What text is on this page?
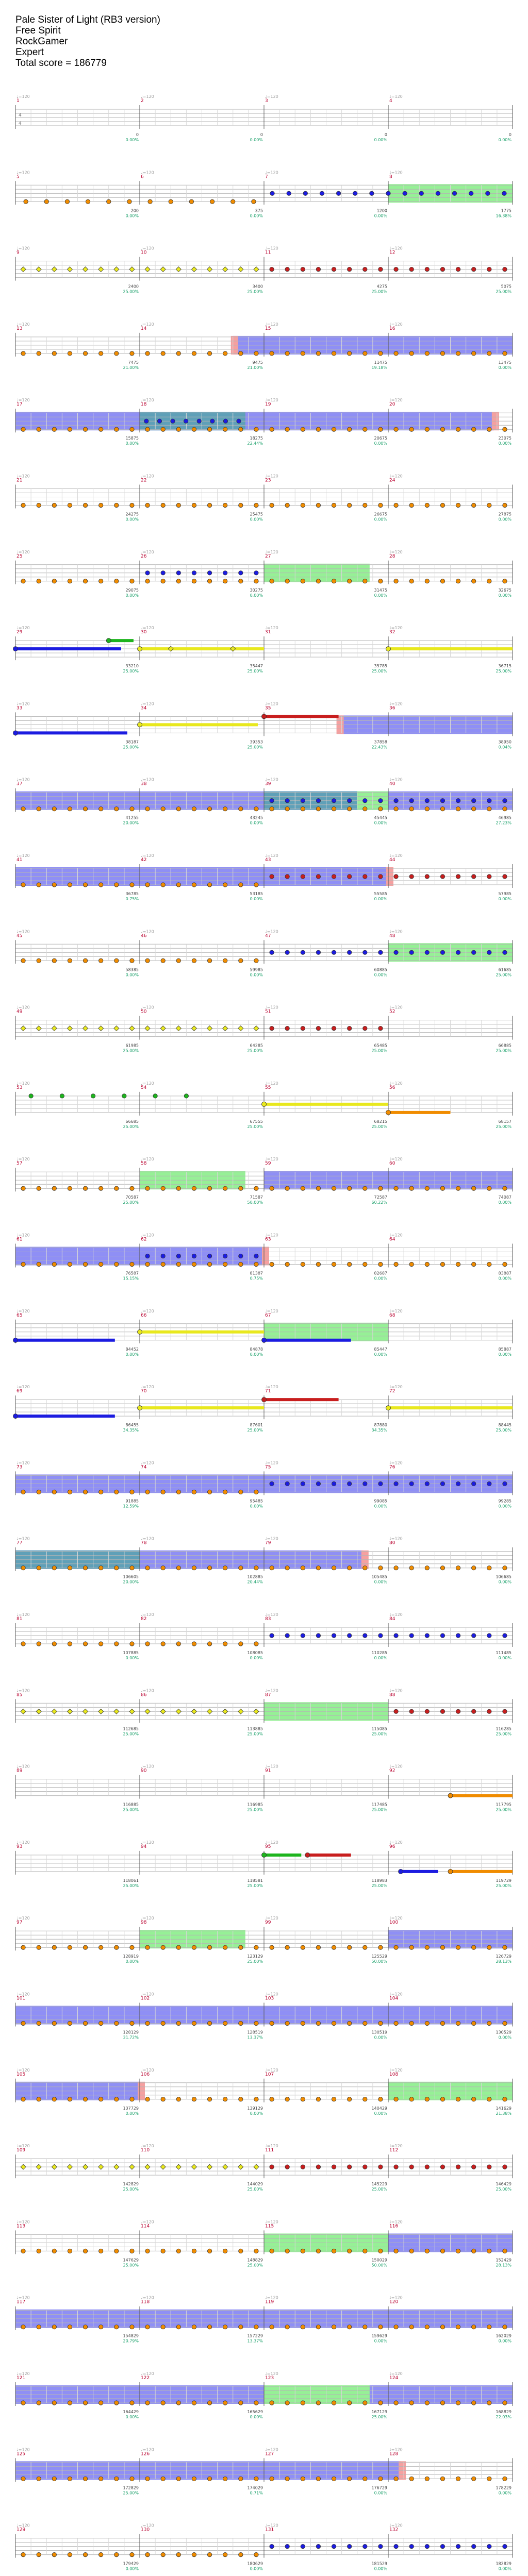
Pale Sister of Light (RB3 version)
Free Spirit
RockGamer
Expert
Total score = 186779
1
♩=120
2
♩=120
3
♩=120
4
♩=120
4
4
0	0	0	0
0.00%	0.00%	0.00%	0.00%
5
♩=120
6
♩=120
7
♩=120
8
♩=120
200	375	1200	1775
0.00%	0.00%	0.00%	16.38%
9
♩=120
10
♩=120
11
♩=120
12
♩=120
2400	3400	4275	5075
25.00%	25.00%	25.00%	25.00%
13
♩=120
14
♩=120
15
♩=120
16
♩=120
7475	9475	11475	13475
21.00%	21.00%	19.18%	0.00%
17
♩=120
18
♩=120
19
♩=120
20
♩=120
15875	18275	20675	23075
0.00%	22.44%	0.00%	0.00%
21
♩=120
22
♩=120
23
♩=120
24
♩=120
24275	25475	26675	27875
0.00%	0.00%	0.00%	0.00%
25
♩=120
26
♩=120
27
♩=120
28
♩=120
29075	30275	31475	32675
0.00%	0.00%	0.00%	0.00%
29
♩=120
30
♩=120
31
♩=120
32
♩=120
33210	35447	35785	36715
25.00%	25.00%	25.00%	25.00%
33
♩=120
34
♩=120
35
♩=120
36
♩=120
38187	39353	37858	38950
25.00%	25.00%	22.43%	0.04%
37
♩=120
38
♩=120
39
♩=120
40
♩=120
41255	43245	45445	46985
20.00%	0.00%	0.00%	27.23%
41
♩=120
42
♩=120
43
♩=120
44
♩=120
36785	53185	55585	57985
0.75%	0.00%	0.00%	0.00%
45
♩=120
46
♩=120
47
♩=120
48
♩=120
58385	59985	60885	61685
0.00%	0.00%	0.00%	25.00%
49
♩=120
50
♩=120
51
♩=120
52
♩=120
61985	64285	65485	66885
25.00%	25.00%	25.00%	25.00%
53
♩=120
54
♩=120
55
♩=120
56
♩=120
66685	67555	68215	68157
25.00%	25.00%	25.00%	25.00%
57
♩=120
58
♩=120
59
♩=120
60
♩=120
70587	71587	72587	74087
25.00%	50.00%	60.22%	0.00%
61
♩=120
62
♩=120
63
♩=120
64
♩=120
76587	81387	82687	83887
15.15%	0.75%	0.00%	0.00%
65
♩=120
66
♩=120
67
♩=120
68
♩=120
84452	84878	85447	85887
0.00%	0.00%	0.00%	0.00%
69
♩=120
70
♩=120
71
♩=120
72
♩=120
86455	87601	87880	88445
34.35%	25.00%	34.35%	25.00%
73
♩=120
74
♩=120
75
♩=120
76
♩=120
91885	95485	99085	99285
12.59%	0.00%	0.00%	0.00%
77
♩=120
78
♩=120
79
♩=120
80
♩=120
106605	102885	105485	106685
20.00%	20.44%	0.00%	0.00%
81
♩=120
82
♩=120
83
♩=120
84
♩=120
107885	108085	110285	111485
0.00%	0.00%	0.00%	0.00%
85
♩=120
86
♩=120
87
♩=120
88
♩=120
112685	113885	115085	116285
25.00%	25.00%	25.00%	25.00%
89
♩=120
90
♩=120
91
♩=120
92
♩=120
116885	116985	117485	117795
25.00%	25.00%	25.00%	25.00%
93
♩=120
94
♩=120
95
♩=120
96
♩=120
118061	118581	118983	119729
25.00%	25.00%	25.00%	25.00%
97
♩=120
98
♩=120
99
♩=120
100
♩=120
128919	123129	125529	126729
0.00%	25.00%	50.00%	28.13%
101
♩=120
102
♩=120
103
♩=120
104
♩=120
128129	128519	130519	130529
31.72%	13.37%	0.00%	0.00%
105
♩=120
106
♩=120
107
♩=120
108
♩=120
137729	139129	140429	141629
0.00%	0.00%	0.00%	21.38%
109
♩=120
110
♩=120
111
♩=120
112
♩=120
142829	144029	145229	146429
25.00%	25.00%	25.00%	25.00%
113
♩=120
114
♩=120
115
♩=120
116
♩=120
147629	148829	150029	152429
25.00%	25.00%	50.00%	28.13%
117
♩=120
118
♩=120
119
♩=120
120
♩=120
154829	157229	159629	162029
20.79%	13.37%	0.00%	0.00%
121
♩=120
122
♩=120
123
♩=120
124
♩=120
164429	165629	167129	168829
0.00%	0.00%	25.00%	22.03%
125
♩=120
126
♩=120
127
♩=120
128
♩=120
172829	174029	176729	178229
25.00%	0.71%	0.00%	0.00%
129
♩=120
130
♩=120
131
♩=120
132
♩=120
179429	180629	181529	182829
0.00%	0.00%	0.00%	0.00%
